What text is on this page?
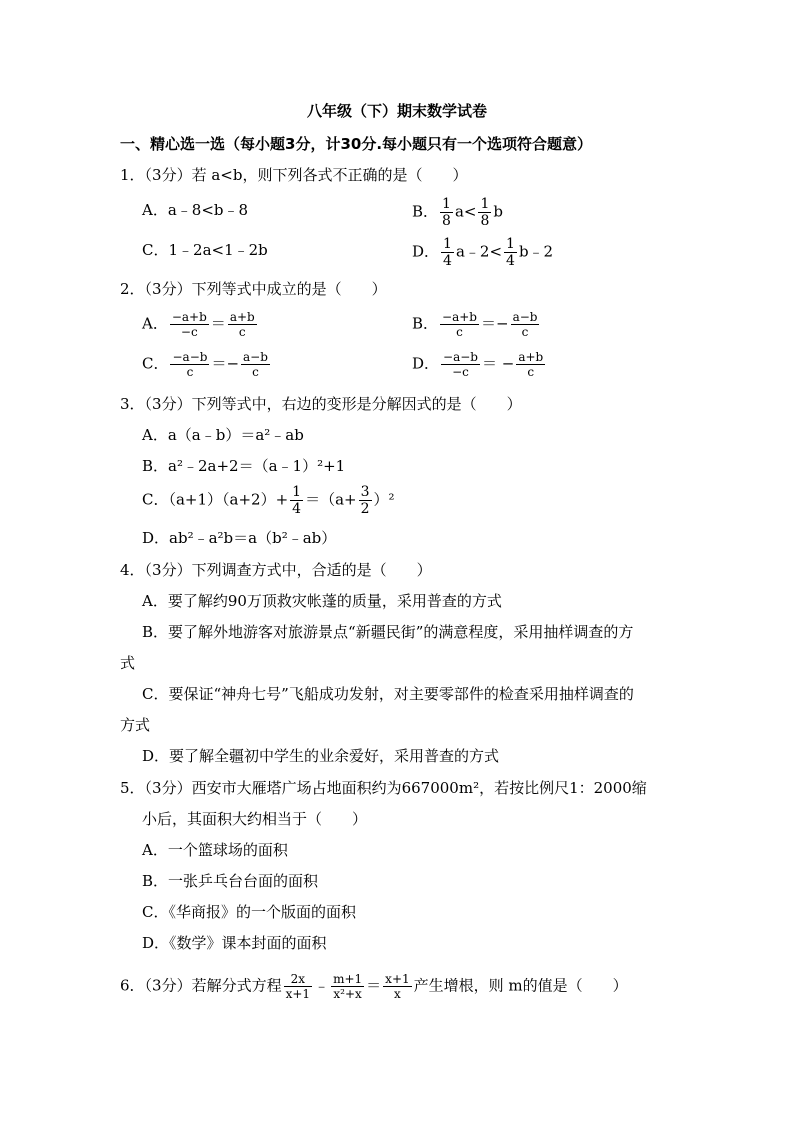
八年级（下）期末数学试卷
一、精心选一选（每小题3分，计30分.每小题只有一个选项符合题意）
1．（3分）若 a<b，则下列各式不正确的是（　　）
A．a﹣8<b﹣8	B． $\frac{1}{8} a< \frac{1}{8}$ b
C．1﹣2a<1﹣2b	D． $\frac{1}{4}$ a﹣2< $\frac{1}{4}$ b﹣2
2．（3分）下列等式中成立的是（　　）
A． $\frac{-a+b}{-c} = \frac{a+b}{c}$	B． $\frac{-a+b}{c} =- \frac{a-b}{c}$
C． $\frac{-a-b}{c} =- \frac{a-b}{c}$	D． $\frac{-a-b}{-c}$ ＝ − $\frac{a+b}{c}$
3．（3分）下列等式中，右边的变形是分解因式的是（　　）
A．a（a﹣b）＝a²﹣ab
B．a²﹣2a+2＝（a﹣1）²+1
C．$(a+1)(a+2)+ \frac{1}{4} =(a+ \frac{3}{2} )^2$
D．ab²﹣a²b＝a（b²﹣ab）
4．（3分）下列调查方式中，合适的是（　　）
A．要了解约90万顶救灾帐蓬的质量，采用普查的方式
B．要了解外地游客对旅游景点“新疆民街”的满意程度，采用抽样调查的方
式
C．要保证“神舟七号”飞船成功发射，对主要零部件的检查采用抽样调查的
方式
D．要了解全疆初中学生的业余爱好，采用普查的方式
5．（3分）西安市大雁塔广场占地面积约为667000m²，若按比例尺1：2000缩
小后，其面积大约相当于（　　）
A．一个篮球场的面积
B．一张乒乓台台面的面积
C．《华商报》的一个版面的面积
D．《数学》课本封面的面积
6．（3分）若解分式方程 $\frac{2x}{x+1}$ ﹣ $\frac{m+1}{\text{x²+x}} = \frac{x+1}{x}$ 产生增根，则 m的值是（　　）
